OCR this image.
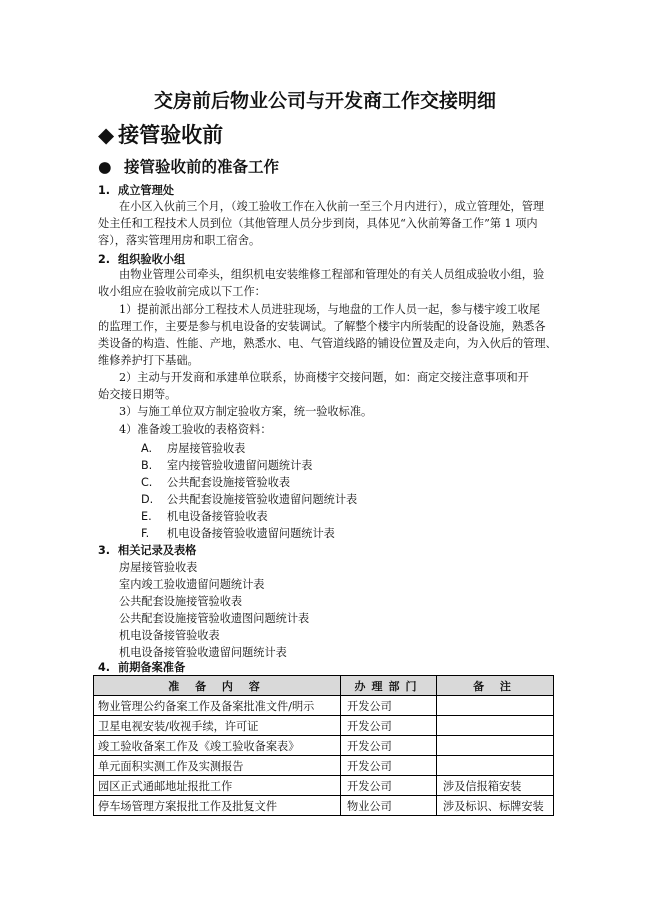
交房前后物业公司与开发商工作交接明细
◆ 接管验收前
● 接管验收前的准备工作
1. 成立管理处
在小区入伙前三个月，（竣工验收工作在入伙前一至三个月内进行），成立管理处，管理
处主任和工程技术人员到位（其他管理人员分步到岗，具体见“入伙前筹备工作”第 1 项内
容），落实管理用房和职工宿舍。
2. 组织验收小组
由物业管理公司牵头，组织机电安装维修工程部和管理处的有关人员组成验收小组，验
收小组应在验收前完成以下工作：
1）提前派出部分工程技术人员进驻现场，与地盘的工作人员一起，参与楼宇竣工收尾
的监理工作，主要是参与机电设备的安装调试。了解整个楼宇内所装配的设备设施，熟悉各
类设备的构造、性能、产地，熟悉水、电、气管道线路的铺设位置及走向，为入伙后的管理、
维修养护打下基础。
2）主动与开发商和承建单位联系，协商楼宇交接问题，如：商定交接注意事项和开
始交接日期等。
3）与施工单位双方制定验收方案，统一验收标准。
4）准备竣工验收的表格资料：
A. 房屋接管验收表
B. 室内接管验收遗留问题统计表
C. 公共配套设施接管验收表
D. 公共配套设施接管验收遗留问题统计表
E. 机电设备接管验收表
F. 机电设备接管验收遗留问题统计表
3. 相关记录及表格
房屋接管验收表
室内竣工验收遗留问题统计表
公共配套设施接管验收表
公共配套设施接管验收遗图问题统计表
机电设备接管验收表
机电设备接管验收遗留问题统计表
4. 前期备案准备
准 备 内 容	办理部门	备 注
物业管理公约备案工作及备案批准文件/明示	开发公司	
卫星电视安装/收视手续，许可证	开发公司	
竣工验收备案工作及《竣工验收备案表》	开发公司	
单元面积实测工作及实测报告	开发公司	
园区正式通邮地址报批工作	开发公司	涉及信报箱安装
停车场管理方案报批工作及批复文件	物业公司	涉及标识、标牌安装
